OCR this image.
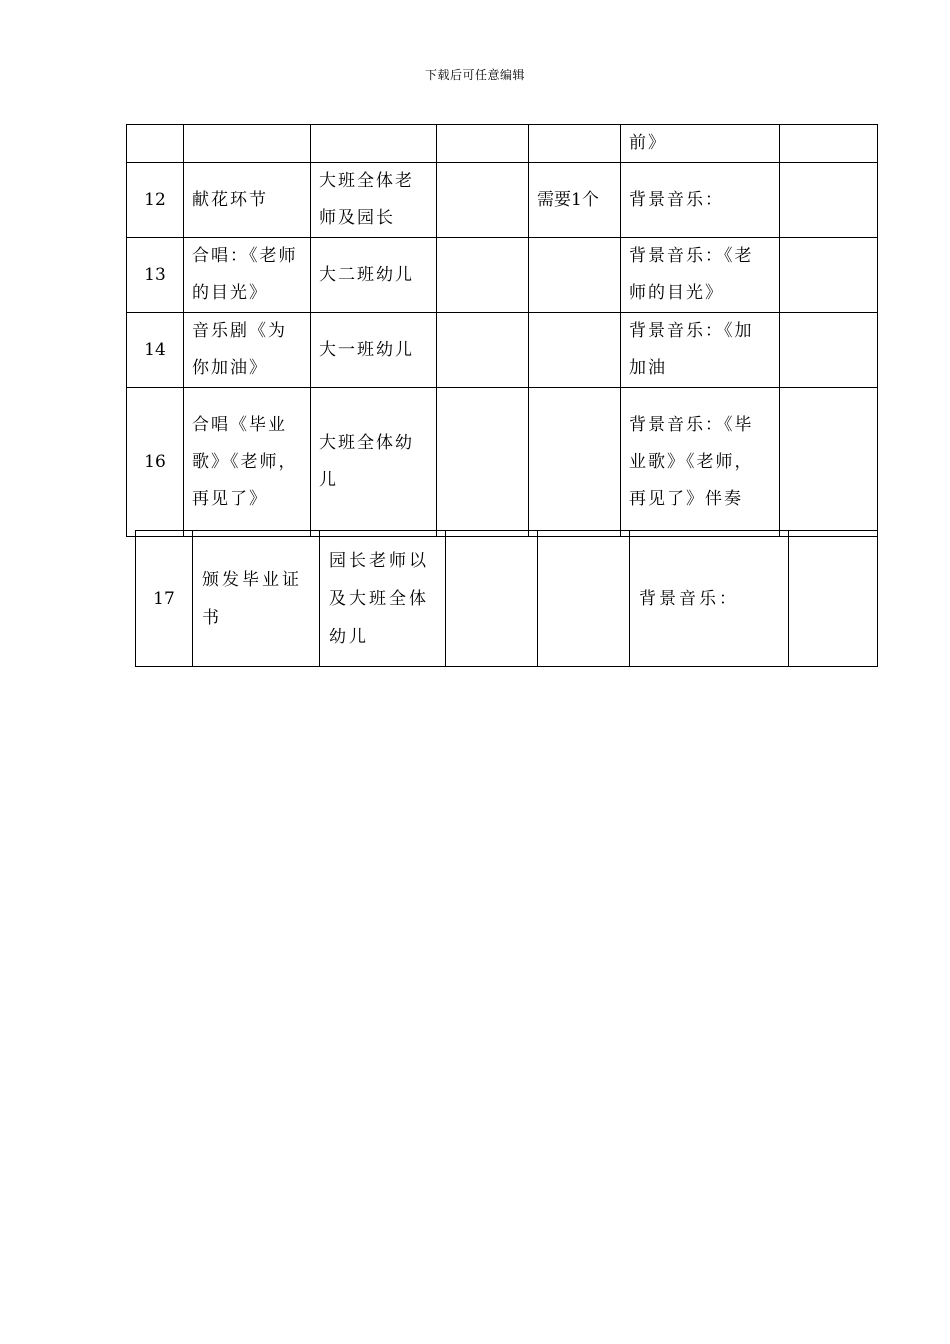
下载后可任意编辑
					前》	
12	献花环节	大班全体老师及园长		需要1个	背景音乐：	
13	合唱：《老师的目光》	大二班幼儿			背景音乐：《老师的目光》	
14	音乐剧《为你加油》	大一班幼儿			背景音乐：《加加油	
16	合唱《毕业歌》《老师，再见了》	大班全体幼儿			背景音乐：《毕业歌》《老师，再见了》伴奏	
17	颁发毕业证书	园长老师以及大班全体幼儿			背景音乐：	
